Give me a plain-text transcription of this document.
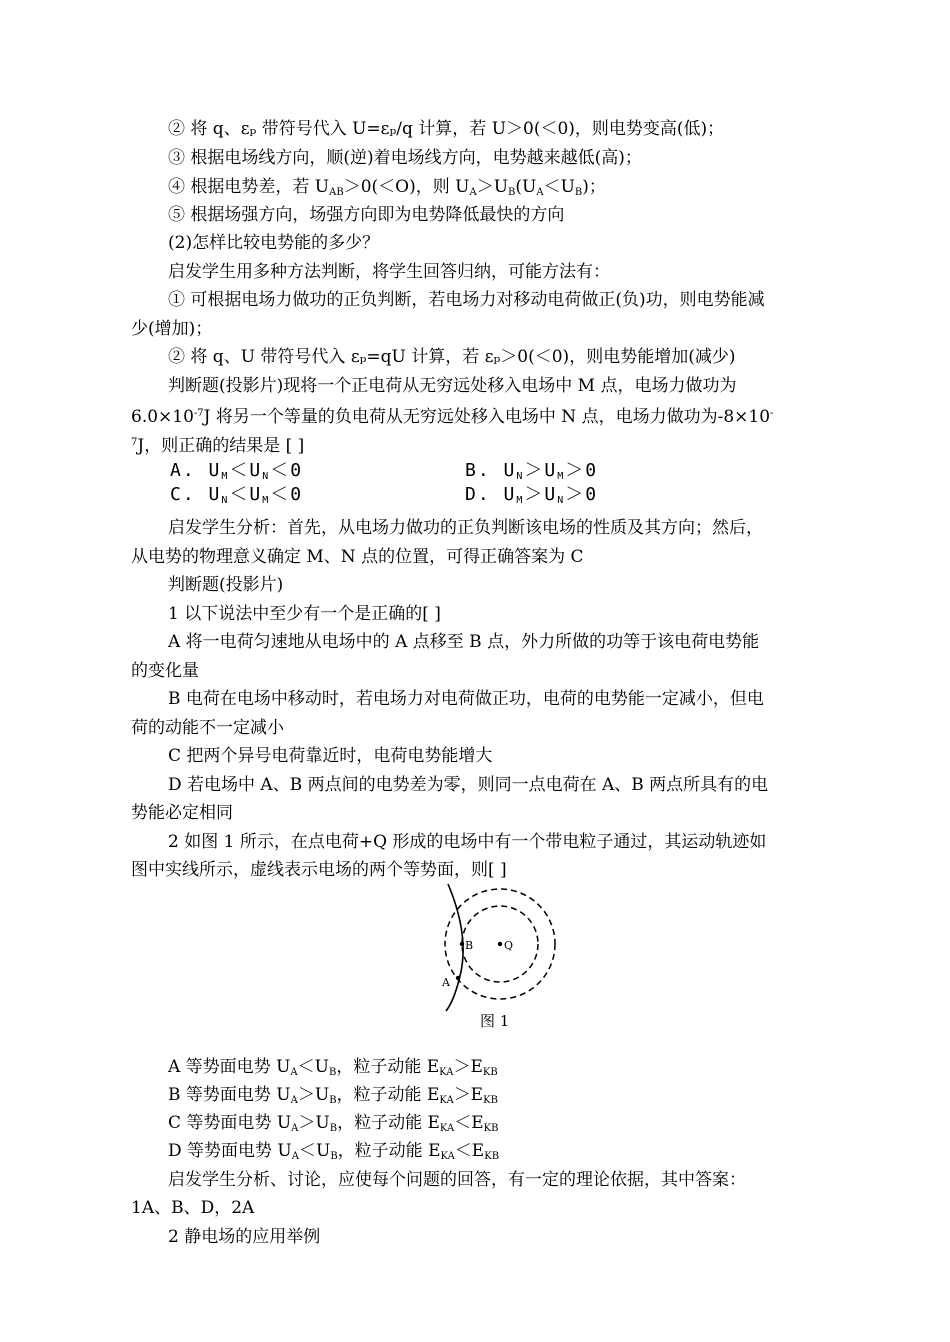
② 将 q、εₚ 带符号代入 U=εₚ/q 计算，若 U＞0(＜0)，则电势变高(低)；
③ 根据电场线方向，顺(逆)着电场线方向，电势越来越低(高)；
④ 根据电势差，若 $U_{AB}>0(<O)$，则 $U_A>U_B(U_A<U_B)$；
⑤ 根据场强方向，场强方向即为电势降低最快的方向
(2)怎样比较电势能的多少？
启发学生用多种方法判断，将学生回答归纳，可能方法有：
① 可根据电场力做功的正负判断，若电场力对移动电荷做正(负)功，则电势能减
少(增加)；
② 将 q、U 带符号代入 εₚ=qU 计算，若 εₚ＞0(＜0)，则电势能增加(减少)
判断题(投影片)现将一个正电荷从无穷远处移入电场中 M 点，电场力做功为
$6.0\times 10^{-7}J$ 将另一个等量的负电荷从无穷远处移入电场中 N 点，电场力做功为-8×10-
$^7$J，则正确的结果是 [ ]
A. $U_M<U_N<0$	B. $U_N>U_M>0$
C. $U_N<U_M<0$	D. $U_M>U_N>0$
启发学生分析：首先，从电场力做功的正负判断该电场的性质及其方向；然后，
从电势的物理意义确定 M、N 点的位置，可得正确答案为 C
判断题(投影片)
1 以下说法中至少有一个是正确的[ ]
A 将一电荷匀速地从电场中的 A 点移至 B 点，外力所做的功等于该电荷电势能
的变化量
B 电荷在电场中移动时，若电场力对电荷做正功，电荷的电势能一定减小，但电
荷的动能不一定减小
C 把两个异号电荷靠近时，电荷电势能增大
D 若电场中 A、B 两点间的电势差为零，则同一点电荷在 A、B 两点所具有的电
势能必定相同
2 如图 1 所示，在点电荷+Q 形成的电场中有一个带电粒子通过，其运动轨迹如
图中实线所示，虚线表示电场的两个等势面，则[ ]
Q
B
A
图 1
A 等势面电势 $U_A<U_B$，粒子动能 $E_{KA}>E_{KB}$
B 等势面电势 $U_A>U_B$，粒子动能 $E_{KA}>E_{KB}$
C 等势面电势 $U_A>U_B$，粒子动能 $E_{KA}<E_{KB}$
D 等势面电势 $U_A<U_B$，粒子动能 $E_{KA}<E_{KB}$
启发学生分析、讨论，应使每个问题的回答，有一定的理论依据，其中答案：
1A、B、D，2A
2 静电场的应用举例
